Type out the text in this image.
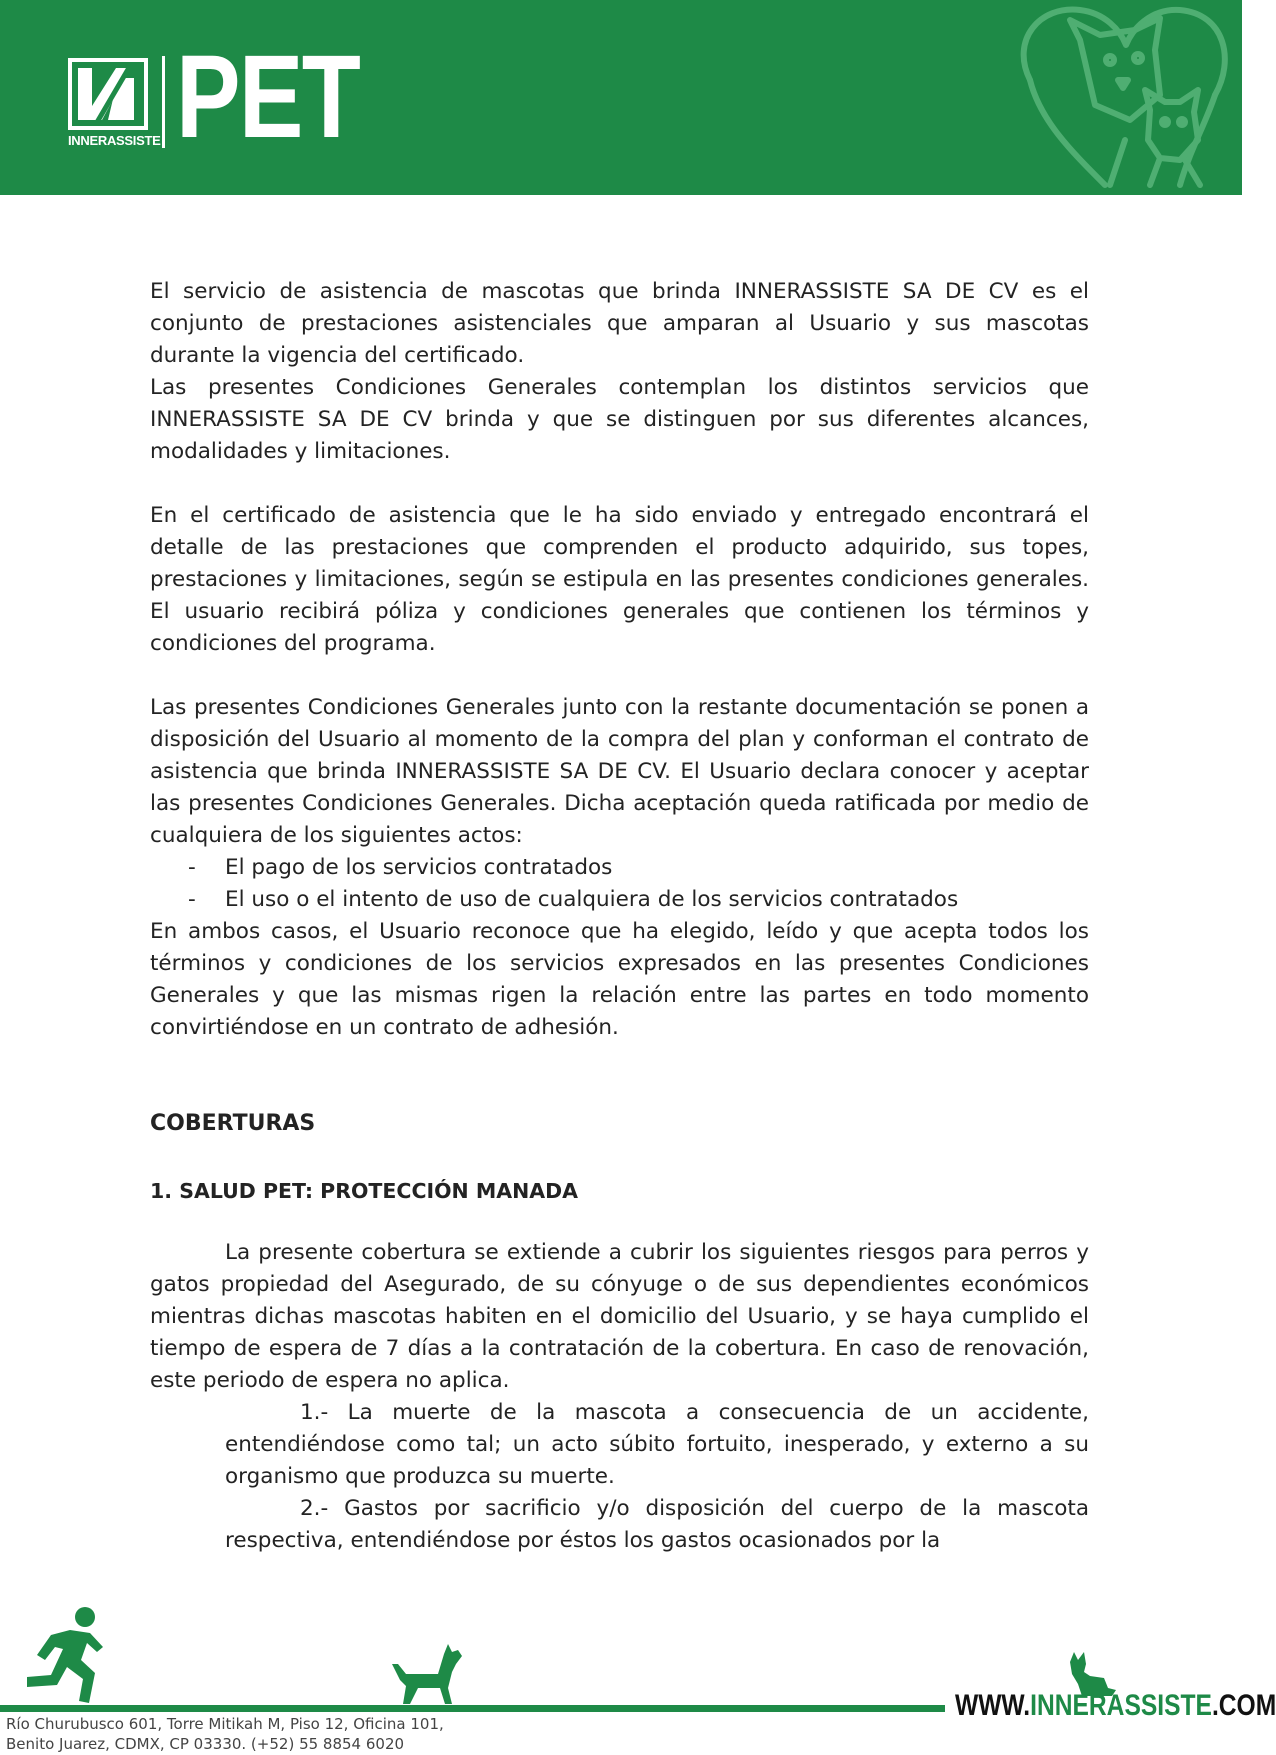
INNERASSISTE PET

El servicio de asistencia de mascotas que brinda INNERASSISTE SA DE CV es el conjunto de prestaciones asistenciales que amparan al Usuario y sus mascotas durante la vigencia del certificado.

Las presentes Condiciones Generales contemplan los distintos servicios que INNERASSISTE SA DE CV brinda y que se distinguen por sus diferentes alcances, modalidades y limitaciones.

En el certificado de asistencia que le ha sido enviado y entregado encontrará el detalle de las prestaciones que comprenden el producto adquirido, sus topes, prestaciones y limitaciones, según se estipula en las presentes condiciones generales. El usuario recibirá póliza y condiciones generales que contienen los términos y condiciones del programa.

Las presentes Condiciones Generales junto con la restante documentación se ponen a disposición del Usuario al momento de la compra del plan y conforman el contrato de asistencia que brinda INNERASSISTE SA DE CV. El Usuario declara conocer y aceptar las presentes Condiciones Generales. Dicha aceptación queda ratificada por medio de cualquiera de los siguientes actos:

- El pago de los servicios contratados
- El uso o el intento de uso de cualquiera de los servicios contratados

En ambos casos, el Usuario reconoce que ha elegido, leído y que acepta todos los términos y condiciones de los servicios expresados en las presentes Condiciones Generales y que las mismas rigen la relación entre las partes en todo momento convirtiéndose en un contrato de adhesión.

COBERTURAS
1. SALUD PET: PROTECCIÓN MANADA

La presente cobertura se extiende a cubrir los siguientes riesgos para perros y gatos propiedad del Asegurado, de su cónyuge o de sus dependientes económicos mientras dichas mascotas habiten en el domicilio del Usuario, y se haya cumplido el tiempo de espera de 7 días a la contratación de la cobertura. En caso de renovación, este periodo de espera no aplica.

1.- La muerte de la mascota a consecuencia de un accidente, entendiéndose como tal; un acto súbito fortuito, inesperado, y externo a su organismo que produzca su muerte.

2.- Gastos por sacrificio y/o disposición del cuerpo de la mascota respectiva, entendiéndose por éstos los gastos ocasionados por la

Río Churubusco 601, Torre Mitikah M, Piso 12, Oficina 101,
Benito Juarez, CDMX, CP 03330. (+52) 55 8854 6020
WWW.INNERASSISTE.COM
